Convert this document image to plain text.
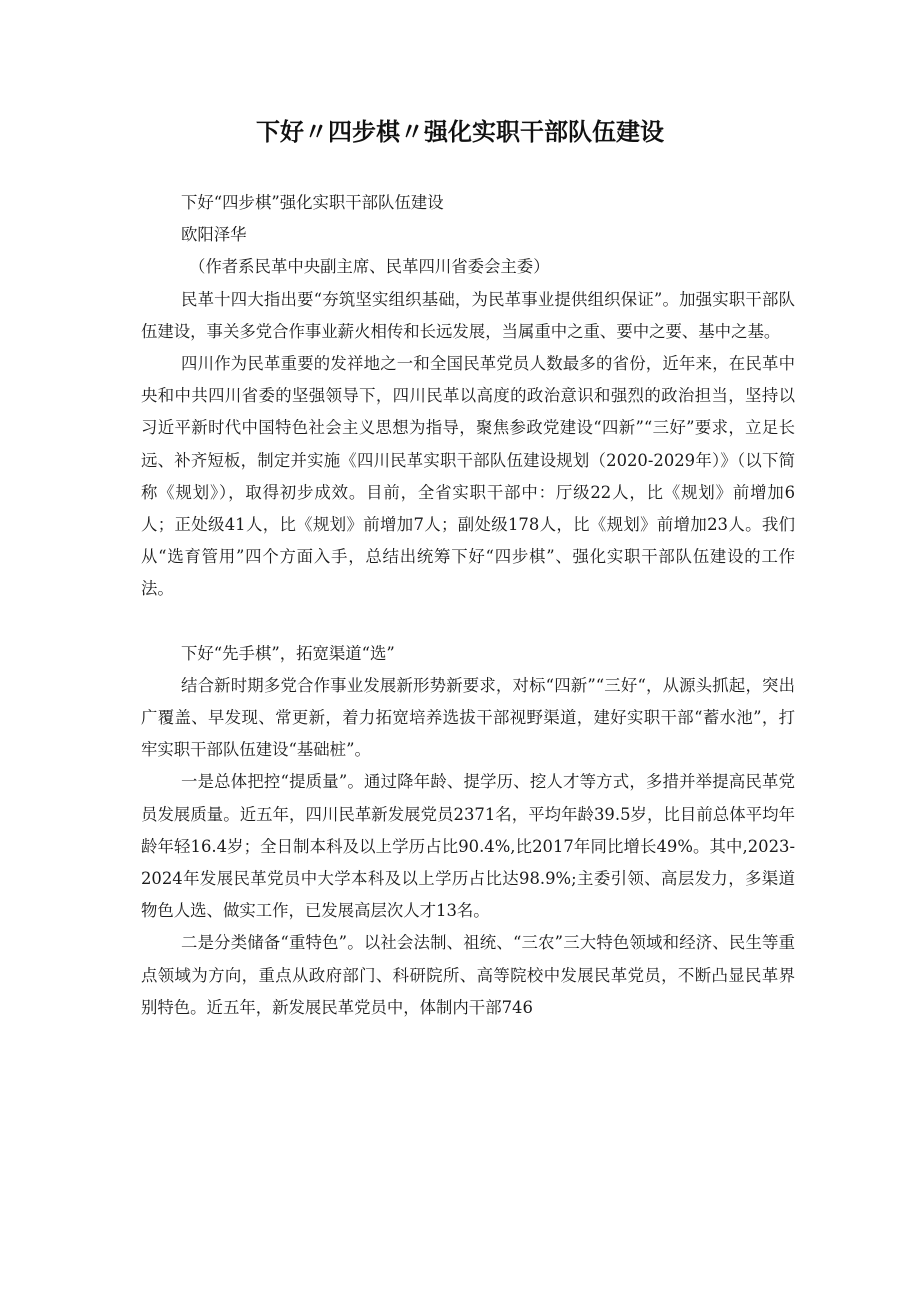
下好〃四步棋〃强化实职干部队伍建设

下好“四步棋”强化实职干部队伍建设

欧阳泽华

（作者系民革中央副主席、民革四川省委会主委）

民革十四大指出要“夯筑坚实组织基础，为民革事业提供组织保证”。加强实职干部队伍建设，事关多党合作事业薪火相传和长远发展，当属重中之重、要中之要、基中之基。

四川作为民革重要的发祥地之一和全国民革党员人数最多的省份，近年来，在民革中央和中共四川省委的坚强领导下，四川民革以高度的政治意识和强烈的政治担当，坚持以习近平新时代中国特色社会主义思想为指导，聚焦参政党建设“四新”“三好”要求，立足长远、补齐短板，制定并实施《四川民革实职干部队伍建设规划（2020-2029年）》（以下简称《规划》），取得初步成效。目前，全省实职干部中：厅级22人，比《规划》前增加6人；正处级41人，比《规划》前增加7人；副处级178人，比《规划》前增加23人。我们从“选育管用”四个方面入手，总结出统筹下好“四步棋”、强化实职干部队伍建设的工作法。

下好“先手棋”，拓宽渠道“选”

结合新时期多党合作事业发展新形势新要求，对标“四新”“三好“，从源头抓起，突出广覆盖、早发现、常更新，着力拓宽培养选拔干部视野渠道，建好实职干部“蓄水池”，打牢实职干部队伍建设“基础桩”。

一是总体把控“提质量”。通过降年龄、提学历、挖人才等方式，多措并举提高民革党员发展质量。近五年，四川民革新发展党员2371名，平均年龄39.5岁，比目前总体平均年龄年轻16.4岁；全日制本科及以上学历占比90.4%,比2017年同比增长49%。其中,2023-2024年发展民革党员中大学本科及以上学历占比达98.9%;主委引领、高层发力，多渠道物色人选、做实工作，已发展高层次人才13名。

二是分类储备“重特色”。以社会法制、祖统、“三农”三大特色领域和经济、民生等重点领域为方向，重点从政府部门、科研院所、高等院校中发展民革党员，不断凸显民革界别特色。近五年，新发展民革党员中，体制内干部746
